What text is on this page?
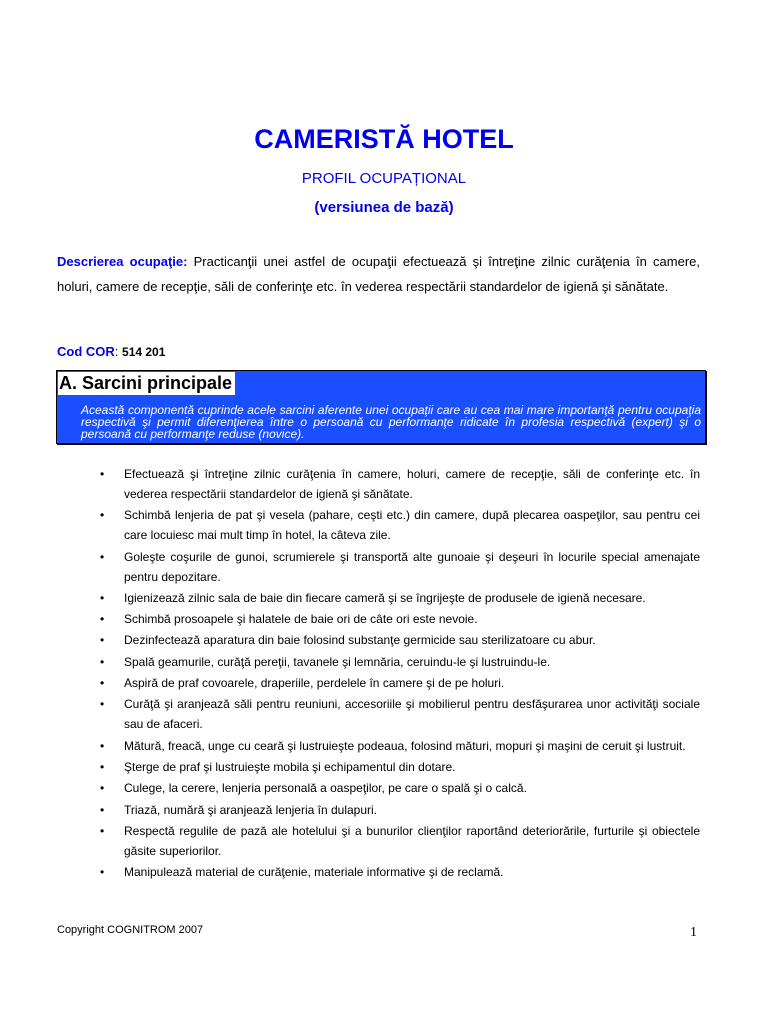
CAMERISTĂ HOTEL

PROFIL OCUPAȚIONAL

(versiunea de bază)

Descrierea ocupaţie: Practicanţii unei astfel de ocupaţii efectuează şi întreţine zilnic curăţenia în camere, holuri, camere de recepţie, săli de conferinţe etc. în vederea respectării standardelor de igienă şi sănătate.

Cod COR: 514 201

A. Sarcini principale

Această componentă cuprinde acele sarcini aferente unei ocupaţii care au cea mai mare importanţă pentru ocupaţia respectivă şi permit diferenţierea între o persoană cu performanţe ridicate în profesia respectivă (expert) şi o persoană cu performanţe reduse (novice).

• Efectuează şi întreţine zilnic curăţenia în camere, holuri, camere de recepţie, săli de conferinţe etc. în vederea respectării standardelor de igienă şi sănătate.
• Schimbă lenjeria de pat şi vesela (pahare, ceşti etc.) din camere, după plecarea oaspeţilor, sau pentru cei care locuiesc mai mult timp în hotel, la câteva zile.
• Goleşte coşurile de gunoi, scrumierele şi transportă alte gunoaie şi deşeuri în locurile special amenajate pentru depozitare.
• Igienizează zilnic sala de baie din fiecare cameră şi se îngrijeşte de produsele de igienă necesare.
• Schimbă prosoapele şi halatele de baie ori de câte ori este nevoie.
• Dezinfectează aparatura din baie folosind substanţe germicide sau sterilizatoare cu abur.
• Spală geamurile, curăţă pereţii, tavanele şi lemnăria, ceruindu-le şi lustruindu-le.
• Aspiră de praf covoarele, draperiile, perdelele în camere şi de pe holuri.
• Curăţă şi aranjează săli pentru reuniuni, accesoriile şi mobilierul pentru desfăşurarea unor activităţi sociale sau de afaceri.
• Mătură, freacă, unge cu ceară şi lustruieşte podeaua, folosind mături, mopuri şi maşini de ceruit şi lustruit.
• Şterge de praf şi lustruieşte mobila şi echipamentul din dotare.
• Culege, la cerere, lenjeria personală a oaspeţilor, pe care o spală şi o calcă.
• Triază, numără şi aranjează lenjeria în dulapuri.
• Respectă regulile de pază ale hotelului şi a bunurilor clienţilor raportând deteriorările, furturile şi obiectele găsite superiorilor.
• Manipulează material de curăţenie, materiale informative şi de reclamă.

Copyright COGNITROM 2007	1
